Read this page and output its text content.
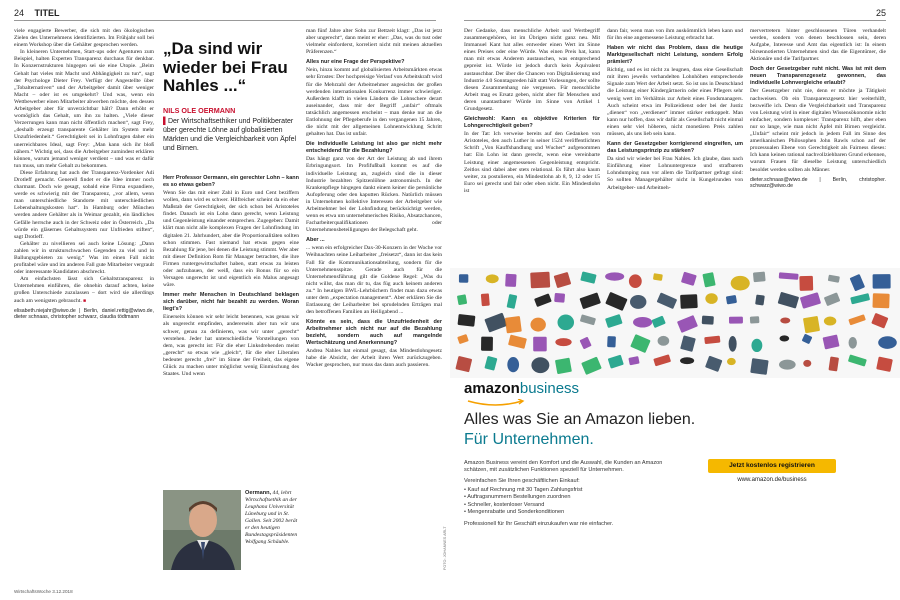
24 TITEL

viele engagierte Bewerber, die sich mit den ökologischen Zielen des Unternehmens identifizierten. Im Frühjahr soll bei einem Workshop über die Gehälter gesprochen werden.

In kleineren Unternehmen, Start-ups oder Agenturen zum Beispiel, halten Experten Transparenz durchaus für denkbar. In Konzernstrukturen hingegen sei sie eine Utopie. „Beim Gehalt hat vieles mit Macht und Abhängigkeit zu tun“, sagt der Psychologe Dieter Frey. Verfügt der Angestellte über „Tobalternativen“ und der Arbeitgeber damit über weniger Macht – oder ist es umgekehrt? Und was, wenn ein Wettbewerber einen Mitarbeiter abwerben möchte, den dessen Arbeitgeber aber für unverzichtbar hält? Dann erhöht er womöglich das Gehalt, um ihn zu halten. „Viele dieser Verzerrungen kann man nicht öffentlich machen“, sagt Frey, „deshalb erzeugt transparente Gehälter im System mehr Unzufriedenheit.“ Gerechtigkeit sei in Lohnfragen daher ein unerreichbares Ideal, sagt Frey: „Man kann sich ihr bloß nähern.“ Wichtig sei, dass die Arbeitgeber zumindest erklären können, warum jemand weniger verdient – und was er dafür tun muss, um mehr Gehalt zu bekommen.

Diese Erfahrung hat auch der Transparenz-Vordenker Adi Drotleff gemacht. Generell findet er die Idee immer noch charmant. Doch wie gesagt, sobald eine Firma expandiere, werde es schwierig mit der Transparenz, „vor allem, wenn man unterschiedliche Standorte mit unterschiedlichen Lebenshaltungskosten hat“. In Hamburg oder München werden andere Gehälter als in Weimar gezahlt, ein ländliches Gefälle herrsche auch in der Schweiz oder in Österreich. „Da würde ein gläsernes Gehaltssystem nur Unfrieden stiften“, sagt Drotleff.

Gehälter zu nivellieren sei auch keine Lösung: „Dann zahlen wir in strukturschwachen Gegenden zu viel und in Ballungsgebieten zu wenig.“ Was im einen Fall nicht profitabel wäre und im anderen Fall gute Mitarbeiter vergrault oder interessante Kandidaten abschreckt.

Am einfachsten lässt sich Gehaltstransparenz in Unternehmen einführen, die ohnehin darauf achten, keine großen Unterschiede zuzulassen – dort wird sie allerdings auch am wenigsten gebraucht. ■

elisabeth.niejahr@wiwo.de | Berlin, daniel.rettig@wiwo.de, dieter schnaas, christopher schwarz, claudia tödtmann

„Da sind wir wieder bei Frau Nahles ...“
NILS OLE OERMANN
▌Der Wirtschaftsethiker und Politikberater über gerechte Löhne auf globalisierten Märkten und die Vergleichbarkeit von Äpfel und Birnen.

Herr Professor Oermann, ein gerechter Lohn – kann es so etwas geben?

Wenn Sie das mit einer Zahl in Euro und Cent beziffern wollen, dann wird es schwer. Hilfreicher scheint da ein eher Maßstab der Gerechtigkeit, der sich schon bei Aristoteles findet. Danach ist ein Lohn dann gerecht, wenn Leistung und Gegenleistung einander entsprechen. Zugegeben: Damit klärt man nicht alle komplexen Fragen der Lohnfindung im digitalen 21. Jahrhundert, aber die Proportionalitäten sollten schon stimmen. Fast niemand hat etwas gegen eine Bezahlung für jene, bei denen die Leistung stimmt. Wer aber mit dieser Definition Rom für Manager betrachtet, die ihre Firmen runtergewirtschaftet haben, statt etwas zu leisten oder aufzubauen, der weiß, dass ein Bonus für so ein Versagen ungerecht ist und eigentlich ein Malus angesagt wäre.

Immer mehr Menschen in Deutschland beklagen sich darüber, nicht fair bezahlt zu werden. Woran liegt’s?

Einerseits können wir sehr leicht benennen, was genau wir als ungerecht empfinden, andererseits aber tun wir uns schwer, genau zu definieren, was wir unter „gerecht“ verstehen. Jeder hat unterschiedliche Vorstellungen von dem, was gerecht ist: Für die eher Linksdrehenden meint „gerecht“ so etwas wie „gleich“, für die eher Liberalen bedeutet gerecht „frei“ im Sinne der Freiheit, das eigene Glück zu machen unter möglichst wenig Einmischung des Staates. Und wenn

Oermann, 44, lehrt Wirtschaftsethik an der Leuphana Universität Lüneburg und in St. Gallen. Seit 2002 berät er den heutigen Bundestagspräsidenten Wolfgang Schäuble.

man fünf Jahre alter Sohn zur Bettzeit klagt: „Das ist jetzt aber ungerecht“, dann meint er eher: „Das, was du tust oder vielmehr einforderst, korreliert nicht mit meinen aktuellen Präferenzen.“

Alles nur eine Frage der Perspektive?

Nein, hinzu kommt auf globalisierten Arbeitsmärkten etwas sehr Ernstes: Der hochpreisige Verlauf von Arbeitskraft wird für die Mehrzahl der Arbeitnehmer angesichts der großen werdenden internationalen Konkurrenz immer schwieriger. Außerdem klafft in vielen Ländern die Lohnschere derart auseinander, dass mir der Begriff „unfair“ oftmals tatsächlich angemessen erscheint – man denke nur an die Entlohnung der Pflegeberufe in den vergangenen 15 Jahren, die nicht mit der allgemeinen Lohnentwicklung Schritt gehalten hat. Das ist unfair.

Die individuelle Leistung ist also gar nicht mehr entscheidend für die Bezahlung?

Das hängt ganz von der Art der Leistung ab und ihrem Erbringungsort. Im Profifußball kommt es auf die individuelle Leistung an, zugleich sind die in dieser Industrie bezahlten Spitzenlöhne astronomisch. In der Krankenpflege hingegen dankt einem keiner die persönliche Aufopferung oder den kaputten Rücken. Natürlich müssen in Unternehmen kollektive Interessen der Arbeitgeber wie Arbeitnehmer bei der Lohnfindung berücksichtigt werden, wenn es etwa um unternehmerisches Risiko, Absatzchancen, Facharbeiterqualifikationen oder Unternehmensbeteiligungen der Belegschaft geht.

Aber ...

... wenn ein erfolgreicher Dax-30-Konzern in der Woche vor Weihnachten seine Leiharbeiter „freisetzt“, dann ist das kein Fall für die Kommunikationsabteilung, sondern für die Unternehmensspitze. Gerade auch für die Unternehmensführung gilt die Goldene Regel: „Was du nicht willst, das man dir tu, das füg auch keinem anderen zu.“ In heutigen BWL-Lehrbüchern findet man dazu etwas unter dem „expectation management“. Aber erklären Sie die Entlassung der Leiharbeiter bei sprudelnden Erträgen mal den betroffenen Familien an Heiligabend ...

Könnte es sein, dass die Unzufriedenheit der Arbeitnehmer sich nicht nur auf die Bezahlung bezieht, sondern auch auf mangelnde Wertschätzung und Anerkennung?

Andrea Nahles hat einmal gesagt, das Mindestlohngesetz habe die Absicht, der Arbeit ihren Wert zurückzugeben. Wacker gesprochen, nur muss das dann auch passieren.

FOTO: JOHANNES ARLT
WirtschaftsWoche 3.12.2018
25

Der Gedanke, dass menschliche Arbeit und Wertbegriff zusammengehören, ist im Übrigen nicht ganz neu. Mit Immanuel Kant hat alles entweder einen Wert im Sinne eines Preises oder eine Würde. Was einen Preis hat, kann man mit etwas Anderem austauschen, was entsprechend gepreist ist. Würde ist jedoch durch kein Äquivalent austauschbar. Der über die Chancen von Digitalisierung und Industrie 4.0 Sonntagsreden hält statt Vorlesungen, der sollte diesen Zusammenhang nie vergessen. Für menschliche Arbeit mag es Ersatz geben, nicht aber für Menschen und deren unantastbarer Würde im Sinne von Artikel 1 Grundgesetz.

Gleichwohl: Kann es objektive Kriterien für Lohngerechtigkeit geben?

In der Tat: Ich verweise bereits auf den Gedanken von Aristoteles, den auch Luther in seiner 1524 veröffentlichten Schrift „Von Kauffshandlung und Wucher“ aufgenommen hat: Ein Lohn ist dann gerecht, wenn eine vereinbarte Leistung einer angemessenen Gegenleistung entspricht. Zeitlos sind dabei aber stets relational. Es führt also kaum weiter, zu postulieren, ein Mindestlohn ab 8, 9, 12 oder 15 Euro sei gerecht und fair oder eben nicht. Ein Mindestlohn ist

dann fair, wenn man von ihm auskömmlich leben kann und für ihn eine angemessene Leistung erbracht hat.

Haben wir nicht das Problem, dass die heutige Marktgesellschaft nicht Leistung, sondern Erfolg prämiert?

Richtig, und es ist nicht zu leugnen, dass eine Gesellschaft mit ihren jeweils verhandelten Lohnhöhen entsprechende Signale zum Wert der Arbeit setzt. So ist uns in Deutschland die Leistung einer Kindergärtnerin oder eines Pflegers sehr wenig wert im Verhältnis zur Arbeit eines Fondsmanagers. Auch scheint etwa im Polizeidienst oder bei der Justiz „dienen“ von „verdienen“ immer stärker entkoppelt. Man kann nur hoffen, dass wir dafür als Gesellschaft nicht einmal einen sehr viel höheren, nicht monetären Preis zahlen müssen, als uns lieb sein kann.

Kann der Gesetzgeber korrigierend eingreifen, um das Leistungsprinzip zu stärken?

Da sind wir wieder bei Frau Nahles. Ich glaube, dass nach Einführung einer Lohnuntergrenze und strafbarem Lohndumping nun vor allem die Tarifpartner gefragt sind: So sollten Managergehälter nicht in Kungelrunden von Arbeitgeber- und Arbeitneh-

mervertretern hinter geschlossenen Türen verhandelt werden, sondern von denen beschlossen sein, deren Aufgabe, Interesse und Amt das eigentlich ist: In einem börsennotierten Unternehmen sind das die Eigentümer, die Aktionäre und die Tarifpartner.

Doch der Gesetzgeber ruht nicht. Was ist mit dem neuen Transparenzgesetz gewonnen, das individuelle Lohnvergleiche erlaubt?

Der Gesetzgeber ruht nie, denn er möchte ja Tätigkeit nachweisen. Ob ein Transparenzgesetz hier weiterhilft, bezweifle ich. Denn die Vergleichbarkeit und Transparenz von Leistung wird in einer digitalen Wissensökonomie nicht einfacher, sondern komplexer: Transparenz hilft, aber eben nur so lange, wie man nicht Äpfel mit Birnen vergleicht. „Unfair“ scheint mir jedoch in jedem Fall im Sinne des amerikanischen Philosophen John Rawls schon auf der prozessualen Ebene von Gerechtigkeit als Fairness dieses: Ich kann keinen rational nachvollziehbaren Grund erkennen, warum Frauen für dieselbe Leistung unterschiedlich besoldet werden sollten als Männer.

dieter.schnaas@wiwo.de | Berlin, christopher. schwarz@wiwo.de

amazonbusiness
Alles was Sie an Amazon lieben.
Für Unternehmen.
Amazon Business vereint den Komfort und die Auswahl, die Kunden an Amazon schätzen, mit zusätzlichen Funktionen speziell für Unternehmen.
Vereinfachen Sie Ihren geschäftlichen Einkauf:
• Kauf auf Rechnung mit 30 Tagen Zahlungsfrist
• Auftragsnummern Bestellungen zuordnen
• Schneller, kostenloser Versand
• Mengenrabatte und Sonderkonditionen
Professionell für Ihr Geschäft einzukaufen war nie einfacher.
Jetzt kostenlos registrieren
www.amazon.de/business
